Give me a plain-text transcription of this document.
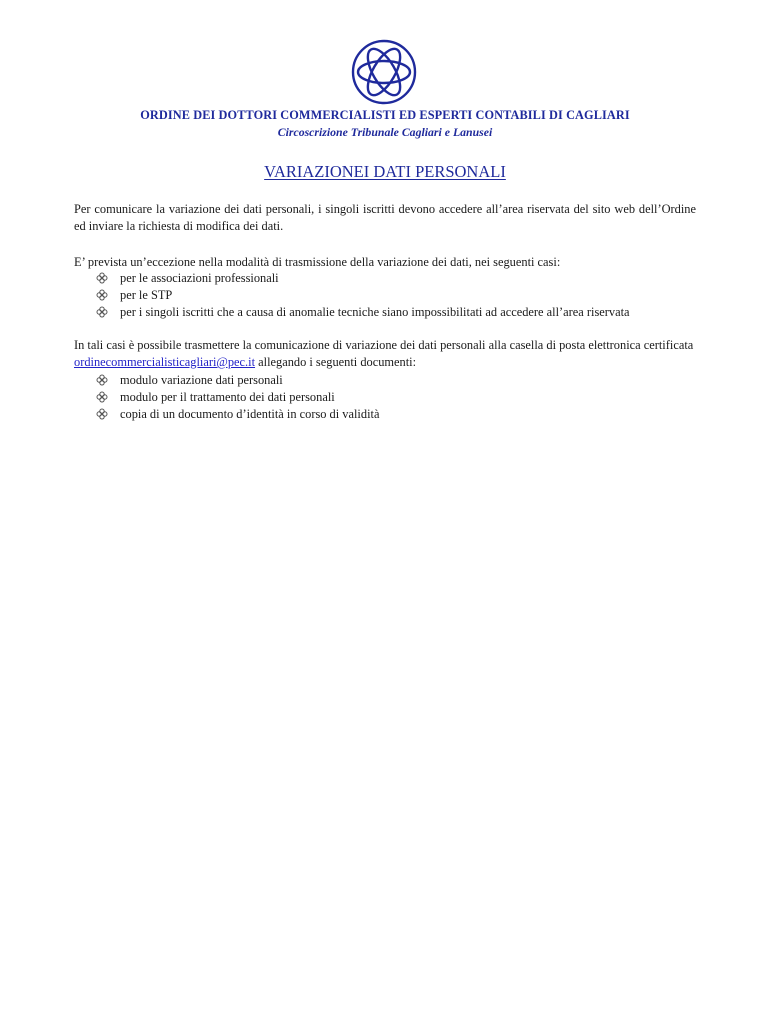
ORDINE DEI DOTTORI COMMERCIALISTI ED ESPERTI CONTABILI DI CAGLIARI
Circoscrizione Tribunale Cagliari e Lanusei
VARIAZIONEI DATI PERSONALI

Per comunicare la variazione dei dati personali, i singoli iscritti devono accedere all’area riservata del sito web dell’Ordine ed inviare la richiesta di modifica dei dati.

E’ prevista un’eccezione nella modalità di trasmissione della variazione dei dati, nei seguenti casi:

per le associazioni professionali
per le STP
per i singoli iscritti che a causa di anomalie tecniche siano impossibilitati ad accedere all’area riservata

In tali casi è possibile trasmettere la comunicazione di variazione dei dati personali alla casella di posta elettronica certificata ordinecommercialisticagliari@pec.it allegando i seguenti documenti:

modulo variazione dati personali
modulo per il trattamento dei dati personali
copia di un documento d’identità in corso di validità
